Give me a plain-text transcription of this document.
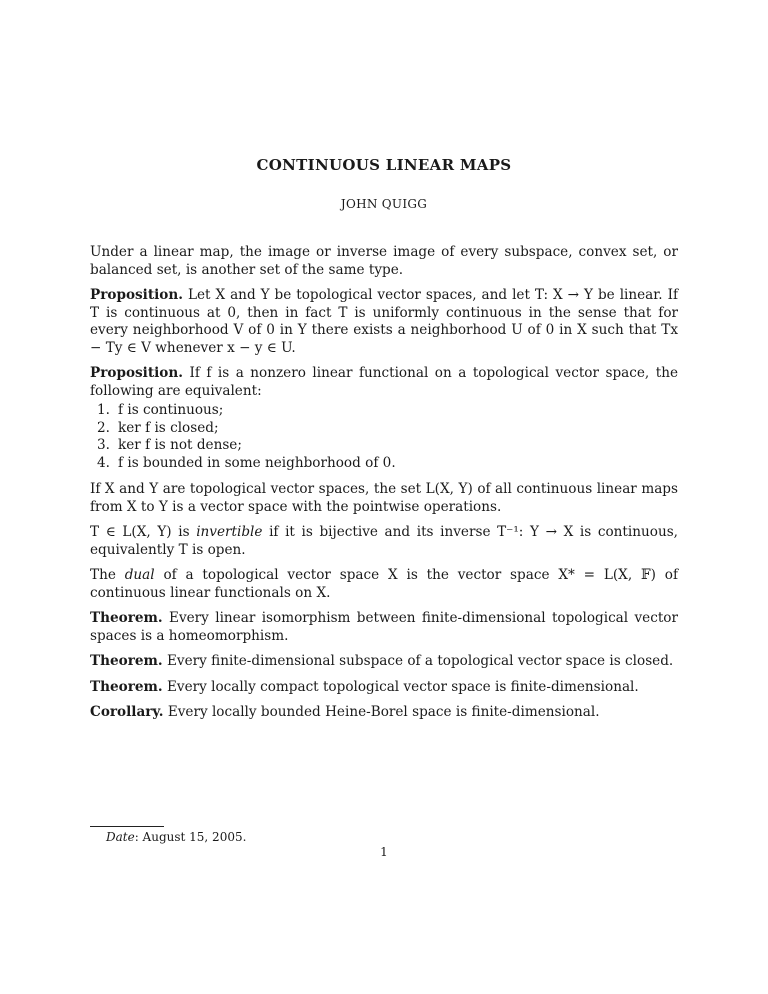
CONTINUOUS LINEAR MAPS
JOHN QUIGG

Under a linear map, the image or inverse image of every subspace, convex set, or balanced set, is another set of the same type.

Proposition. Let X and Y be topological vector spaces, and let T: X → Y be linear. If T is continuous at 0, then in fact T is uniformly continuous in the sense that for every neighborhood V of 0 in Y there exists a neighborhood U of 0 in X such that Tx − Ty ∈ V whenever x − y ∈ U.

Proposition. If f is a nonzero linear functional on a topological vector space, the following are equivalent:

1. f is continuous;
2. ker f is closed;
3. ker f is not dense;
4. f is bounded in some neighborhood of 0.

If X and Y are topological vector spaces, the set L(X, Y) of all continuous linear maps from X to Y is a vector space with the pointwise operations.

T ∈ L(X, Y) is invertible if it is bijective and its inverse T⁻¹: Y → X is continuous, equivalently T is open.

The dual of a topological vector space X is the vector space X* = L(X, 𝔽) of continuous linear functionals on X.

Theorem. Every linear isomorphism between finite-dimensional topological vector spaces is a homeomorphism.

Theorem. Every finite-dimensional subspace of a topological vector space is closed.

Theorem. Every locally compact topological vector space is finite-dimensional.

Corollary. Every locally bounded Heine-Borel space is finite-dimensional.

Date: August 15, 2005.
1
